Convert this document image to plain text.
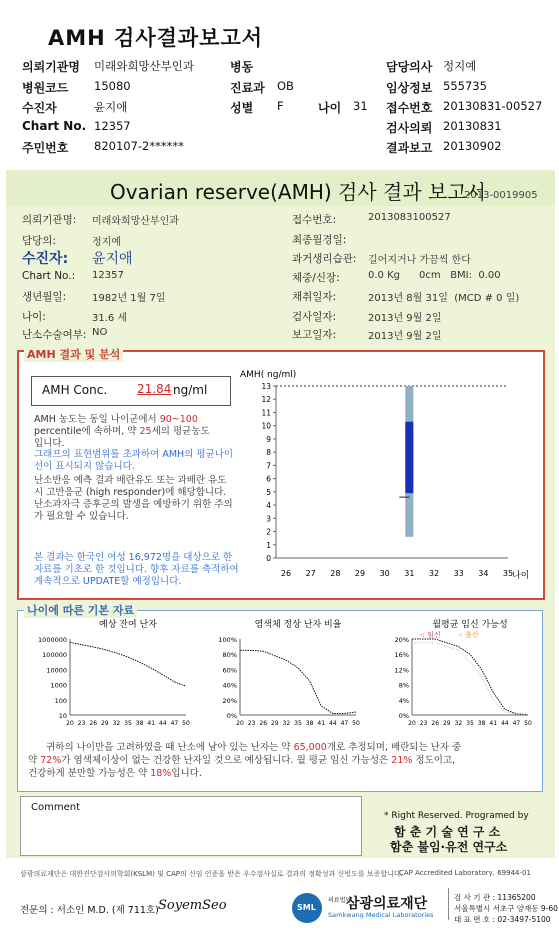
AMH 검사결과보고서
의뢰기관명 미래와희망산부인과	병동	담당의사 정지예
병원코드 15080	진료과 OB	임상정보 555735
수진자	윤지애	성별 F	나이 31 접수번호 20130831-00527
Chart No. 12357	검사의뢰 20130831
주민번호 820107-2******	결과보고 20130902
Ovarian reserve(AMH) 검사 결과 보고서
2013-0019905
의뢰기관명: 미래와희망산부인과
담당의:	정지예
수진자: 윤지애
Chart No.: 12357
생년월일:	1982년 1월 7일
나이:	31.6 세
난소수술여부: NO
접수번호:	2013083100527
최종월경일:
과거생리습관: 길어지거나 가끔씩 한다
체중/신장:	0.0 Kg      0cm   BMI:  0.00
채취일자:	2013년 8월 31일  (MCD # 0 일)
검사일자:	2013년 9월 2일
보고일자:	2013년 9월 2일
AMH 결과 및 분석
AMH Conc. 21.84 ng/ml
AMH 농도는 동일 나이군에서 90~100
percentile에 속하며, 약 25세의 평균농도
입니다.
그래프의 표현범위를 초과하여 AMH의 평균나이선이 표시되지 않습니다.
난소반응 예측 결과 배란유도 또는 과배란 유도시 고반응군 (high responder)에 해당합니다. 난소과자극 증후군의 발생을 예방하기 위한 주의가 필요할 수 있습니다.
본 결과는 한국인 여성 16,972명을 대상으로 한 자료를 기초로 한 것입니다. 향후 자료를 축적하여 계속적으로 UPDATE할 예정입니다.
AMH( ng/ml)
0
1
2
3
4
5
6
7
8
9
10
11
12
13
26 27 28 29 30 31 32 33 34 35
나이
나이에 따른 기본 자료
예상 잔여 난자
1000000
100000
10000
1000
100
10
20 23 26 29 32 35 38 41 44 47 50
염색체 정상 난자 비율
100%
80%
60%
40%
20%
0%
20 23 26 29 32 35 38 41 44 47 50
월평균 임신 가능성
20%
16%
12%
8%
4%
0%
20 23 26 29 32 35 38 41 44 47 50
-: 임신 -: 출산
귀하의 나이만을 고려하였을 때 난소에 남아 있는 난자는 약 65,000개로 추정되며, 배란되는 난자 중
약 72%가 염색체이상이 없는 건강한 난자일 것으로 예상됩니다. 월 평균 임신 가능성은 21% 정도이고,
건강하게 분만할 가능성은 약 18%입니다.
Comment
* Right Reserved. Programed by
함 춘 기 술 연 구 소
함춘 불임·유전 연구소
삼광의료재단은 대한진단검사의학회(KSLM) 및 CAP의 신임 인증을 받은 우수검사실로 결과의 정확성과 신빙도를 보증합니다.
CAP Accredited Laboratory, 69944-01
전문의 : 서소인 M.D. (제 711호) SoyemSeo	SML
의료법인
삼광의료재단
Samkwang Medical Laboratories
검 사 기 관 : 11365200
서울특별시 서초구 양재동 9-60
대 표 번 호 : 02-3497-5100
